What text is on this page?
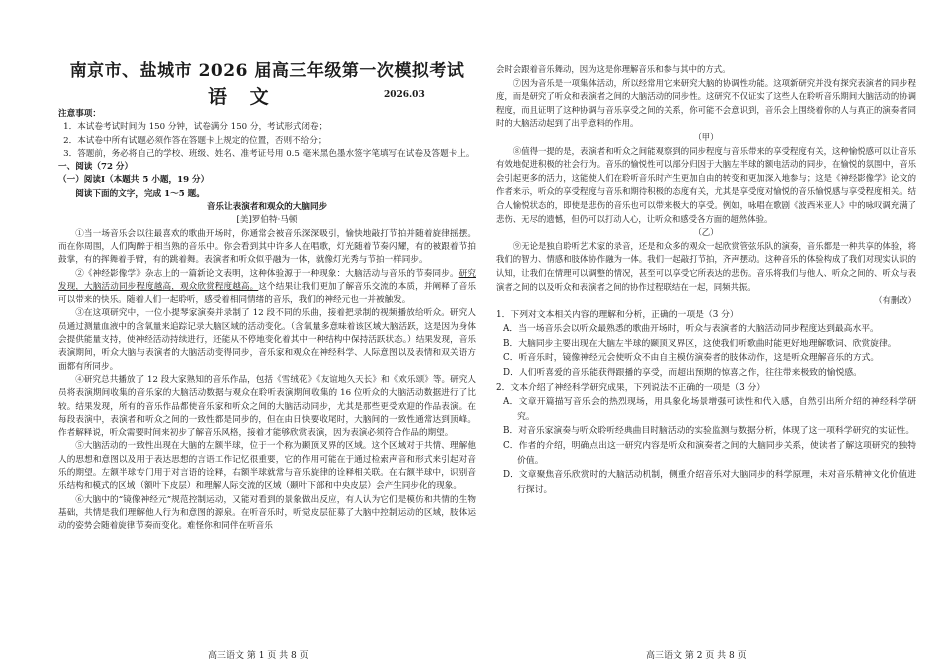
南京市、盐城市 2026 届高三年级第一次模拟考试
语 文	2026.03

注意事项：

1．本试卷考试时间为 150 分钟，试卷满分 150 分，考试形式闭卷；

2．本试卷中所有试题必须作答在答题卡上规定的位置，否则不给分；

3．答题前，务必将自己的学校、班级、姓名、准考证号用 0.5 毫米黑色墨水签字笔填写在试卷及答题卡上。

一、阅读（72 分）

（一）阅读Ⅰ（本题共 5 小题，19 分）

阅读下面的文字，完成 1～5 题。

音乐让表演者和观众的大脑同步

[美]罗伯特·马顿

①当一场音乐会以往最喜欢的歌曲开场时，你通常会被音乐深深吸引，愉快地敲打节拍并随着旋律摇摆。而在你周围，人们陶醉于相当熟的音乐中。你会看到其中许多人在唱歌，灯光随着节奏闪耀，有的被跟着节拍鼓掌，有的挥舞着手臂，有的跳着舞。表演者和听众似乎融为一体，就像灯光秀与节拍一样同步。

②《神经影像学》杂志上的一篇新论文表明，这种体验源于一种现象：大脑活动与音乐的节奏同步。研究发现，大脑活动同步程度越高，观众欣赏程度越高。这个结果让我们更加了解音乐交流的本质，并阐释了音乐可以带来的快乐。随着人们一起聆听，感受着相同情绪的音乐，我们的神经元也一并被触发。

③在这项研究中，一位小提琴家演奏并录制了 12 段不同的乐曲，接着把录制的视频播放给听众。研究人员通过测量血液中的含氧量来追踪记录大脑区域的活动变化。（含氧量多意味着该区域大脑活跃，这是因为身体会提供能量支持，使神经活动持续进行，还能从不停地变化着其中一种结构中保持活跃状态。）结果发现，音乐表演期间，听众大脑与表演者的大脑活动变得同步，音乐家和观众在神经科学、人际意图以及表情和双关语方面都有所同步。

④研究总共播放了 12 段大家熟知的音乐作品，包括《雪绒花》《友谊地久天长》和《欢乐颂》等。研究人员将表演期间收集的音乐家的大脑活动数据与观众在聆听表演期间收集的 16 位听众的大脑活动数据进行了比较。结果发现，所有的音乐作品都使音乐家和听众之间的大脑活动同步，尤其是那些更受欢迎的作品表演。在每段表演中，表演者和听众之间的一致性都是同步的，但在由日快要收尾时，大脑间的一致性通常达到顶峰。作者解释说，听众需要时间来初步了解音乐风格，接着才能够欣赏表演，因为表演必须符合作品的期望。

⑤大脑活动的一致性出现在大脑的左额半球，位于一个称为颞顶叉界的区域。这个区域对于共情、理解他人的思想和意图以及用于表达思想的言语工作记忆很重要，它的作用可能在于通过检索声音和形式来引起对音乐的期望。左额半球专门用于对言语的诠释，右额半球就常与音乐旋律的诠释相关联。在右额半球中，识别音乐结构和模式的区域（额叶下皮层）和理解人际交流的区域（颞叶下部和中央皮层）会产生同步化的现象。

⑥大脑中的“镜像神经元”规范控制运动，又能对看到的景象做出反应，有人认为它们是模仿和共情的生物基础，共情是我们理解他人行为和意图的源泉。在听音乐时，听觉皮层征募了大脑中控制运动的区域，肢体运动的姿势会随着旋律节奏而变化。难怪你和同伴在听音乐

高三语文 第 1 页 共 8 页

会时会跟着音乐舞动，因为这是你理解音乐和参与其中的方式。

⑦因为音乐是一项集体活动，所以经常用它来研究大脑的协调性功能。这项新研究并没有探究表演者的同步程度，而是研究了听众和表演者之间的大脑活动的同步性。这研究不仅证实了这些人在聆听音乐期间大脑活动的协调程度，而且证明了这种协调与音乐享受之间的关系，你可能不会意识到，音乐会上围绕着你的人与真正的演奏者同时的大脑活动起到了出乎意料的作用。

（甲）

⑧值得一提的是，表演者和听众之间能观察到的同步程度与音乐带来的享受程度有关，这种愉悦感可以让音乐有效地促进积极的社会行为。音乐的愉悦性可以部分归因于大脑左半球的额电活动的同步，在愉悦的氛围中，音乐会引起更多的活力，这能使人们在聆听音乐时产生更加自由的转变和更加深入地参与；这是《神经影像学》论文的作者来示，听众的享受程度与音乐和期待积极的态度有关，尤其是享受度对愉悦的音乐愉悦感与享受程度相关。结合人愉悦状态的，即使是悲伤的音乐也可以带来极大的享受。例如，咏唱在歌剧《波西米亚人》中的咏叹调充满了悲伤、无尽的遗憾，但仍可以打动人心，让听众和感受各方面的超然体验。

（乙）

⑨无论是独自聆听艺术家的录音，还是和众多的观众一起欣赏管弦乐队的演奏，音乐都是一种共享的体验，将我们的智力、情感和肢体协作融为一体。我们一起敲打节拍，齐声摆动。这种音乐的体验构成了我们对现实认识的认知，让我们在情理可以调整的情况，甚至可以享受它所表达的悲伤。音乐将我们与他人、听众之间的、听众与表演者之间的以及听众和表演者之间的协作过程联结在一起，同频共振。

（有删改）

1．下列对文本相关内容的理解和分析，正确的一项是（3 分）

A．当一场音乐会以听众最熟悉的歌曲开场时，听众与表演者的大脑活动同步程度达到最高水平。

B．大脑同步主要出现在大脑左半球的颞顶叉界区，这使我们听歌曲时能更好地理解歌词、欣赏旋律。

C．听音乐时，镜像神经元会使听众不由自主模仿演奏者的肢体动作，这是听众理解音乐的方式。

D．人们听喜爱的音乐能获得跟播的享受，而超出预期的惊喜之作，往往带来极致的愉悦感。

2．文本介绍了神经科学研究成果，下列说法不正确的一项是（3 分）

A．文章开篇描写音乐会的热烈现场，用具象化场景增强可读性和代入感，自然引出所介绍的神经科学研究。

B．对音乐家演奏与听众聆听经典曲目时脑活动的实验监测与数据分析，体现了这一项科学研究的实证性。

C．作者的介绍，明确点出这一研究内容是听众和演奏者之间的大脑同步关系，使读者了解这项研究的独特价值。

D．文章聚焦音乐欣赏时的大脑活动机制，侧重介绍音乐对大脑同步的科学原理，未对音乐精神文化价值进行探讨。

高三语文 第 2 页 共 8 页
